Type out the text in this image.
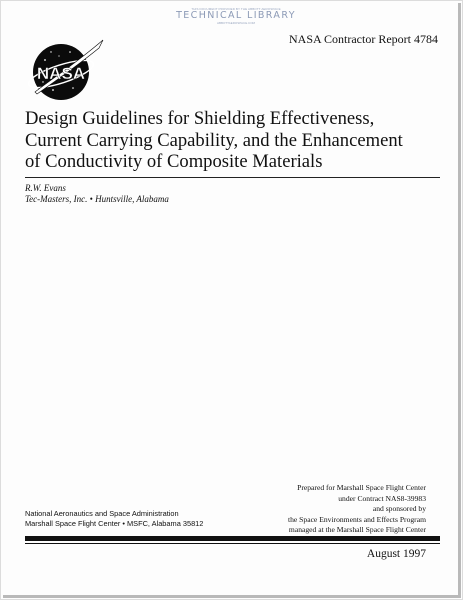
THIS DOCUMENT PROVIDED BY THE ABBOTT AEROSPACE
TECHNICAL LIBRARY
ABBOTTAEROSPACE.COM
NASA
NASA Contractor Report 4784
Design Guidelines for Shielding Effectiveness,
Current Carrying Capability, and the Enhancement
of Conductivity of Composite Materials
R.W. Evans
Tec-Masters, Inc. • Huntsville, Alabama
Prepared for Marshall Space Flight Center
under Contract NAS8-39983
and sponsored by
the Space Environments and Effects Program
managed at the Marshall Space Flight Center
National Aeronautics and Space Administration
Marshall Space Flight Center • MSFC, Alabama 35812
August 1997
